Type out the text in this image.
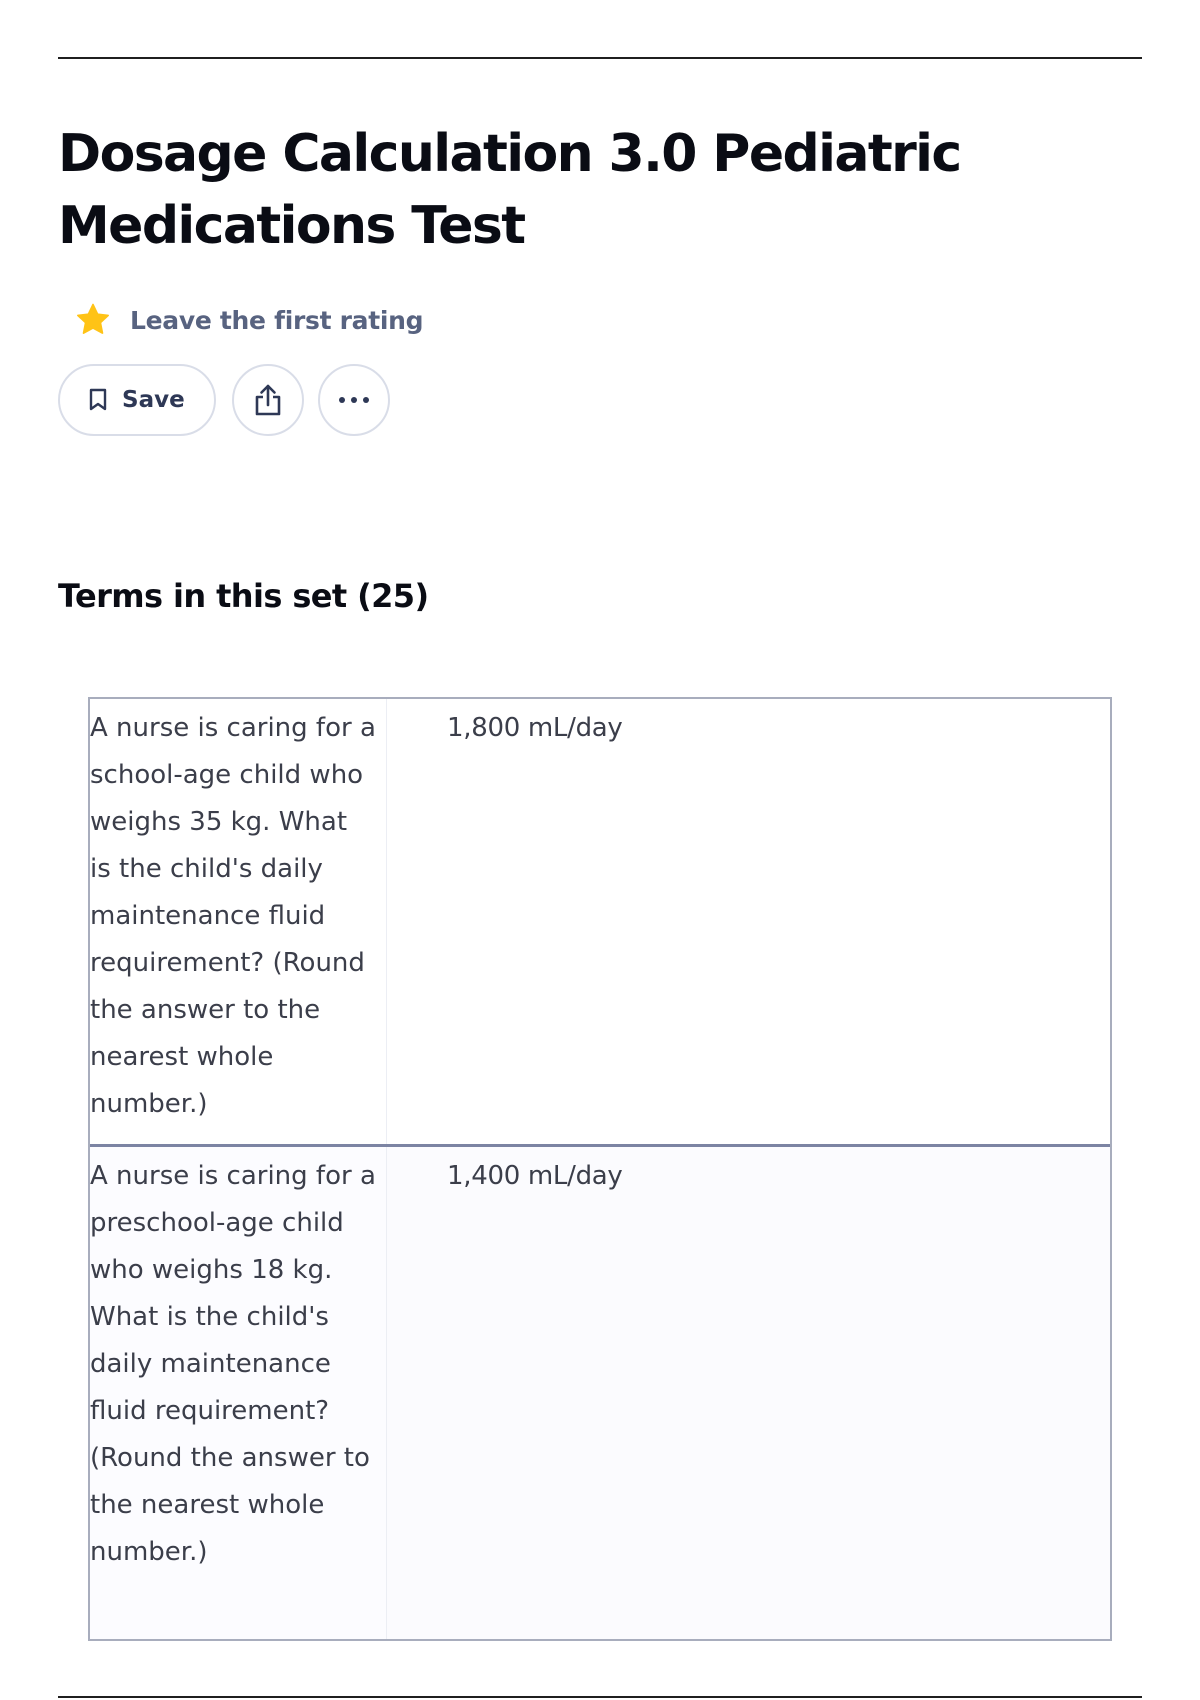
Dosage Calculation 3.0 Pediatric Medications Test
Leave the first rating
Save
Terms in this set (25)
A nurse is caring for a school-age child who weighs 35 kg. What is the child's daily maintenance fluid requirement? (Round the answer to the nearest whole number.)
1,800 mL/day
A nurse is caring for a preschool-age child who weighs 18 kg. What is the child's daily maintenance fluid requirement? (Round the answer to the nearest whole number.)
1,400 mL/day
